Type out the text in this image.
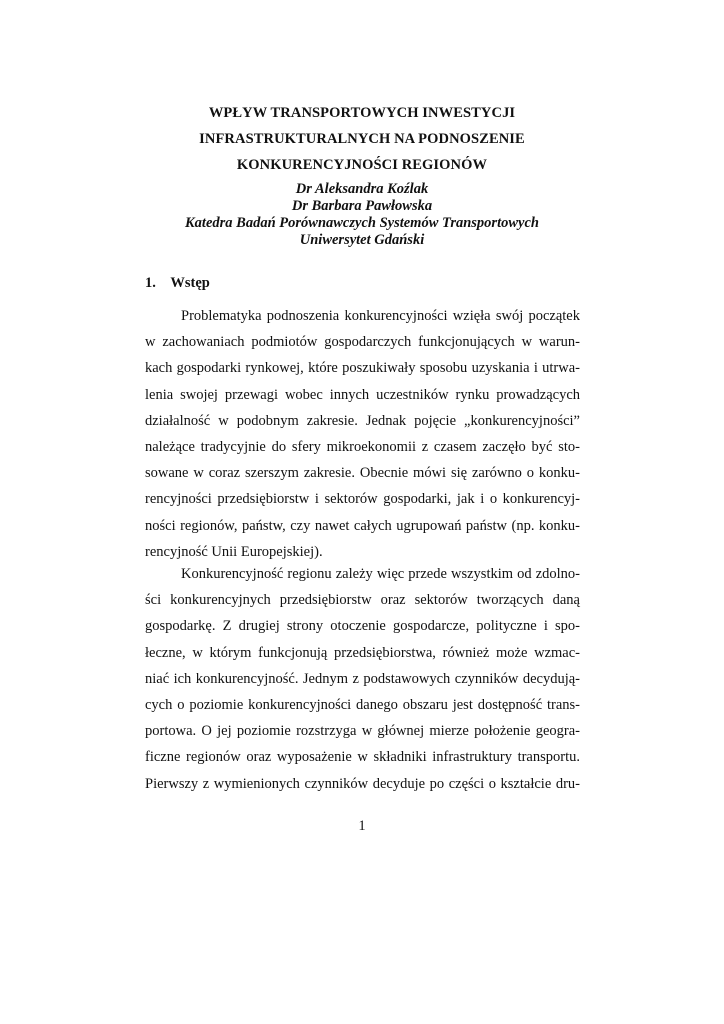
WPŁYW TRANSPORTOWYCH INWESTYCJI
INFRASTRUKTURALNYCH NA PODNOSZENIE
KONKURENCYJNOŚCI REGIONÓW
Dr Aleksandra Koźlak
Dr Barbara Pawłowska
Katedra Badań Porównawczych Systemów Transportowych
Uniwersytet Gdański
1. Wstęp
Problematyka podnoszenia konkurencyjności wzięła swój początek
w zachowaniach podmiotów gospodarczych funkcjonujących w warun-
kach gospodarki rynkowej, które poszukiwały sposobu uzyskania i utrwa-
lenia swojej przewagi wobec innych uczestników rynku prowadzących
działalność w podobnym zakresie. Jednak pojęcie „konkurencyjności”
należące tradycyjnie do sfery mikroekonomii z czasem zaczęło być sto-
sowane w coraz szerszym zakresie. Obecnie mówi się zarówno o konku-
rencyjności przedsiębiorstw i sektorów gospodarki, jak i o konkurencyj-
ności regionów, państw, czy nawet całych ugrupowań państw (np. konku-
rencyjność Unii Europejskiej).
Konkurencyjność regionu zależy więc przede wszystkim od zdolno-
ści konkurencyjnych przedsiębiorstw oraz sektorów tworzących daną
gospodarkę. Z drugiej strony otoczenie gospodarcze, polityczne i spo-
łeczne, w którym funkcjonują przedsiębiorstwa, również może wzmac-
niać ich konkurencyjność. Jednym z podstawowych czynników decydują-
cych o poziomie konkurencyjności danego obszaru jest dostępność trans-
portowa. O jej poziomie rozstrzyga w głównej mierze położenie geogra-
ficzne regionów oraz wyposażenie w składniki infrastruktury transportu.
Pierwszy z wymienionych czynników decyduje po części o kształcie dru-
1
